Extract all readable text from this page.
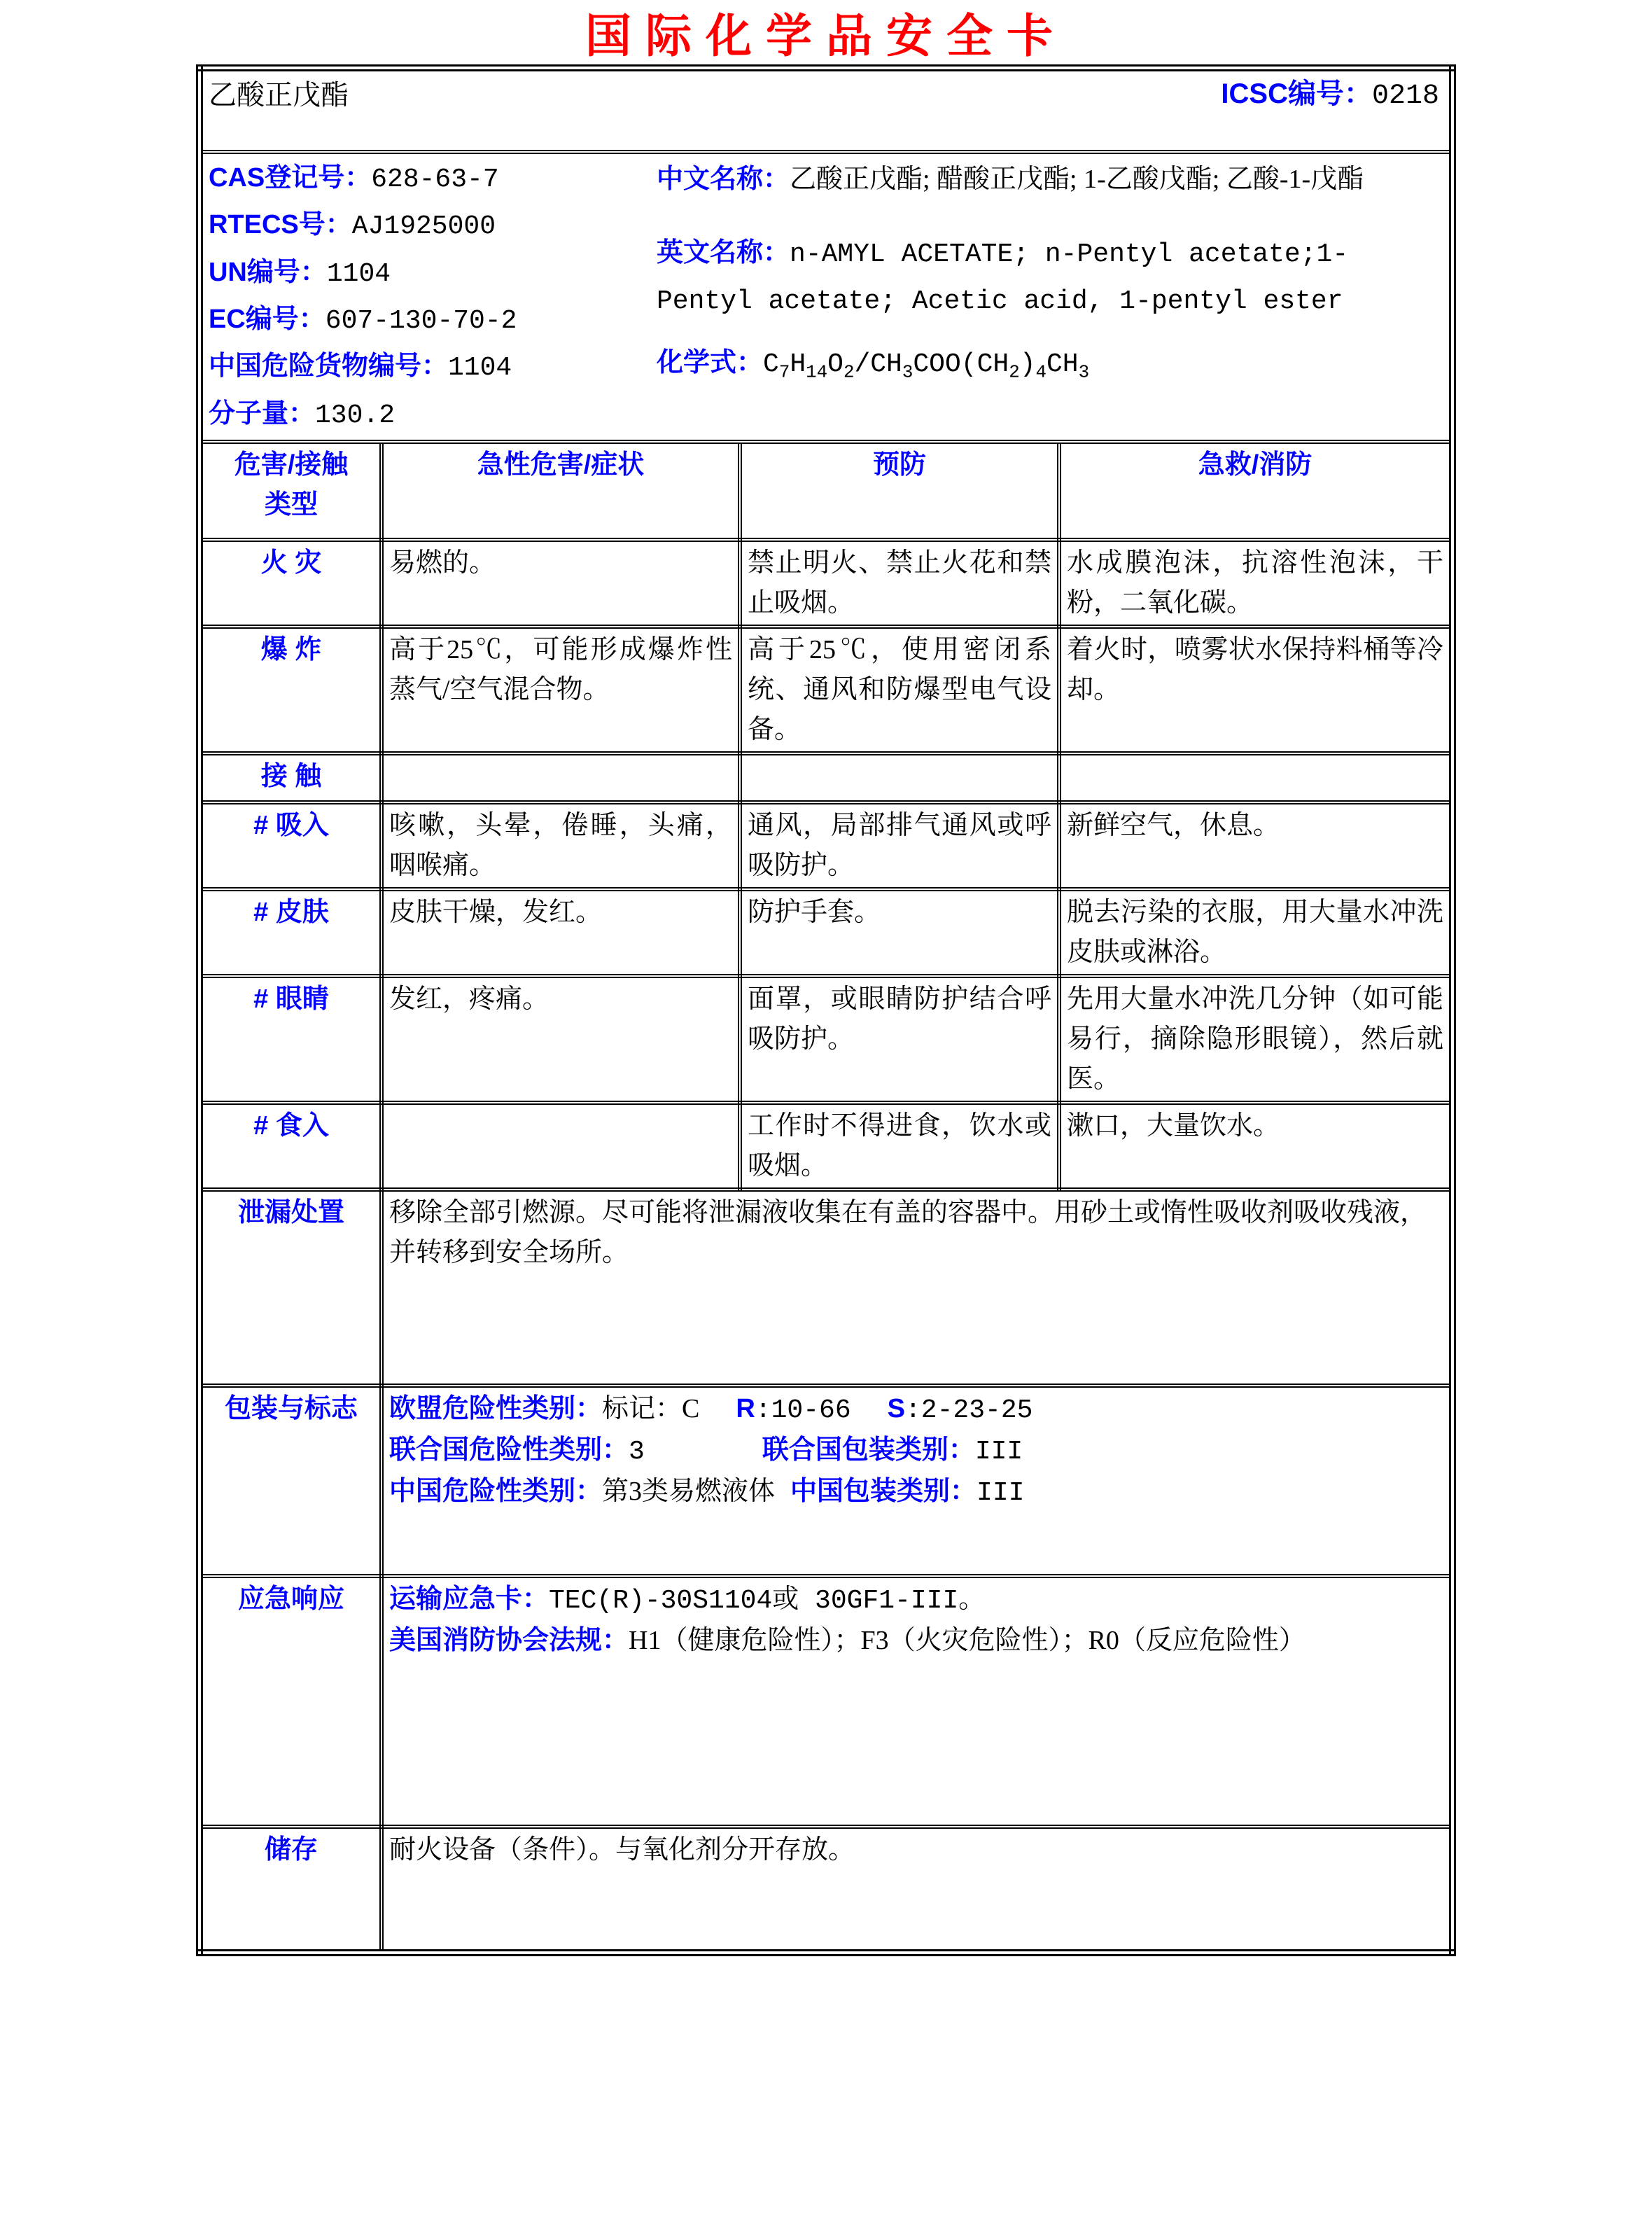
国际化学品安全卡
乙酸正戊酯 ICSC编号：0218			

CAS登记号：628-63-7
RTECS号：AJ1925000
UN编号：1104
EC编号：607-130-70-2
中国危险货物编号：1104
分子量：130.2

中文名称：乙酸正戊酯; 醋酸正戊酯; 1-乙酸戊酯; 乙酸-1-戊酯

英文名称：n-AMYL ACETATE; n-Pentyl acetate;1-Pentyl acetate; Acetic acid, 1-pentyl ester

化学式：$C_7H_{14}O_2/CH_3COO(CH_2)_4CH_3$

危害/接触
类型	急性危害/症状	预防	急救/消防
火 灾	易燃的。	禁止明火、禁止火花和禁止吸烟。	水成膜泡沫，抗溶性泡沫，干粉，二氧化碳。
爆 炸	高于25℃，可能形成爆炸性蒸气/空气混合物。	高于25℃，使用密闭系统、通风和防爆型电气设备。	着火时，喷雾状水保持料桶等冷却。
接 触			
# 吸入	咳嗽，头晕，倦睡，头痛，咽喉痛。	通风，局部排气通风或呼吸防护。	新鲜空气，休息。
# 皮肤	皮肤干燥，发红。	防护手套。	脱去污染的衣服，用大量水冲洗皮肤或淋浴。
# 眼睛	发红，疼痛。	面罩，或眼睛防护结合呼吸防护。	先用大量水冲洗几分钟（如可能易行，摘除隐形眼镜），然后就医。
# 食入		工作时不得进食，饮水或吸烟。	漱口，大量饮水。
泄漏处置	移除全部引燃源。尽可能将泄漏液收集在有盖的容器中。用砂土或惰性吸收剂吸收残液，并转移到安全场所。		
包装与标志	欧盟危险性类别：标记：C R:10-66 S:2-23-25
联合国危险性类别：3 联合国包装类别：III
中国危险性类别：第3类易燃液体 中国包装类别：III		

应急响应	运输应急卡：TEC(R)-30S1104或 30GF1-III。
美国消防协会法规：H1（健康危险性）；F3（火灾危险性）；R0（反应危险性）		

储存	耐火设备（条件）。与氧化剂分开存放。		
